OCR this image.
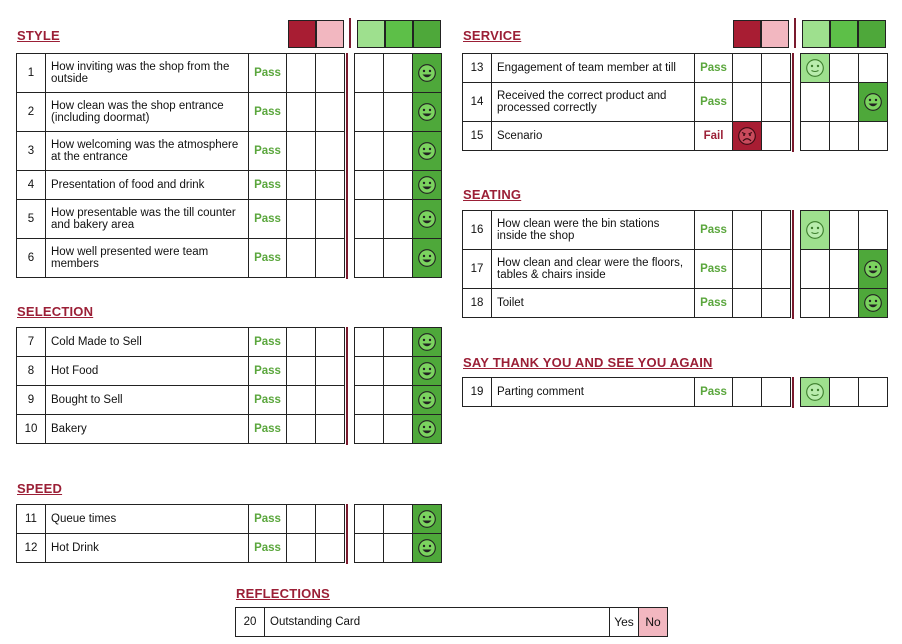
STYLE
SELECTION
SPEED
SERVICE
SEATING
SAY THANK YOU AND SEE YOU AGAIN
REFLECTIONS
1	How inviting was the shop from the outside	Pass						
2	How clean was the shop entrance (including doormat)	Pass						
3	How welcoming was the atmosphere at the entrance	Pass						
4	Presentation of food and drink	Pass						
5	How presentable was the till counter and bakery area	Pass						
6	How well presented were team members	Pass						
7	Cold Made to Sell	Pass						
8	Hot Food	Pass						
9	Bought to Sell	Pass						
10	Bakery	Pass						
11	Queue times	Pass						
12	Hot Drink	Pass						
13	Engagement of team member at till	Pass						
14	Received the correct product and processed correctly	Pass						
15	Scenario	Fail						
16	How clean were the bin stations inside the shop	Pass						
17	How clean and clear were the floors, tables & chairs inside	Pass						
18	Toilet	Pass						
19	Parting comment	Pass						
20	Outstanding Card	Yes	No
